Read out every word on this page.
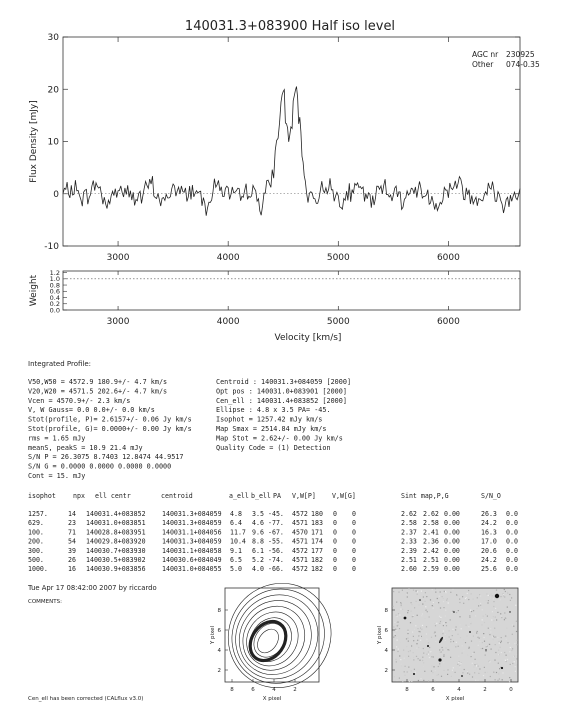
140031.3+083900 Half iso level
3000	4000	5000	6000
-10
0
10
20
30
Flux Density [mJy]
AGC nr 230925
Other 074-0.35
3000	4000	5000	6000
0.0
0.2
0.4
0.6
0.8
1.0
1.2
Weight
Velocity [km/s]
Integrated Profile:
V50,W50 = 4572.9 180.9+/- 4.7 km/s
V20,W20 = 4571.5 202.6+/- 4.7 km/s
Vcen = 4570.9+/- 2.3 km/s
V, W Gauss= 0.0 0.0+/- 0.0 km/s
Stot(profile, P)= 2.6157+/- 0.06 Jy km/s
Stot(profile, G)= 0.0000+/- 0.00 Jy km/s
rms = 1.65 mJy
meanS, peakS = 10.9 21.4 mJy
S/N P = 26.3075 8.7403 12.8474 44.9517
S/N G = 0.0000 0.0000 0.0000 0.0000
Cont = 15. mJy
Centroid : 140031.3+084059 [2000]
Opt pos : 140031.0+083901 [2000]
Cen_ell : 140031.4+083852 [2000]
Ellipse : 4.8 x 3.5 PA= -45.
Isophot = 1257.42 mJy km/s
Map Smax = 2514.84 mJy km/s
Map Stot = 2.62+/- 0.00 Jy km/s
Quality Code = (1) Detection
isophot	npx ell centr	centroid	a_ell b_ell PA V,W[P] V,W[G]	Sint map,P,G	S/N_O
1257.	14 140031.4+083852 140031.3+084059 4.8 3.5 -45. 4572 180 0 0	2.62 2.62 0.00	26.3 0.0
629.	23 140031.0+083851 140031.3+084059 6.4 4.6 -77. 4571 183 0 0	2.58 2.58 0.00	24.2 0.0
100.	71 140028.8+083951 140031.1+084056 11.7 9.6 -67. 4570 171 0 0	2.37 2.41 0.00	16.3 0.0
200.	54 140029.8+083920 140031.3+084059 10.4 8.8 -55. 4571 174 0 0	2.33 2.36 0.00	17.0 0.0
300.	39 140030.7+083930 140031.1+084058 9.1 6.1 -56. 4572 177 0 0	2.39 2.42 0.00	20.6 0.0
500.	26 140030.5+083902 140030.6+084049 6.5 5.2 -74. 4571 182 0 0	2.51 2.51 0.00	24.2 0.0
1000.	16 140030.9+083856 140031.0+084055 5.0 4.0 -66. 4572 182 0 0	2.60 2.59 0.00	25.6 0.0
Tue Apr 17 08:42:00 2007 by riccardo
COMMENTS:
Cen_ell has been corrected (CALflux v3.0)
8	6	4	2
2
4
6
8
X pixel
Y pixel
8	6	4	2	0
2
4
6
8
X pixel
Y pixel
